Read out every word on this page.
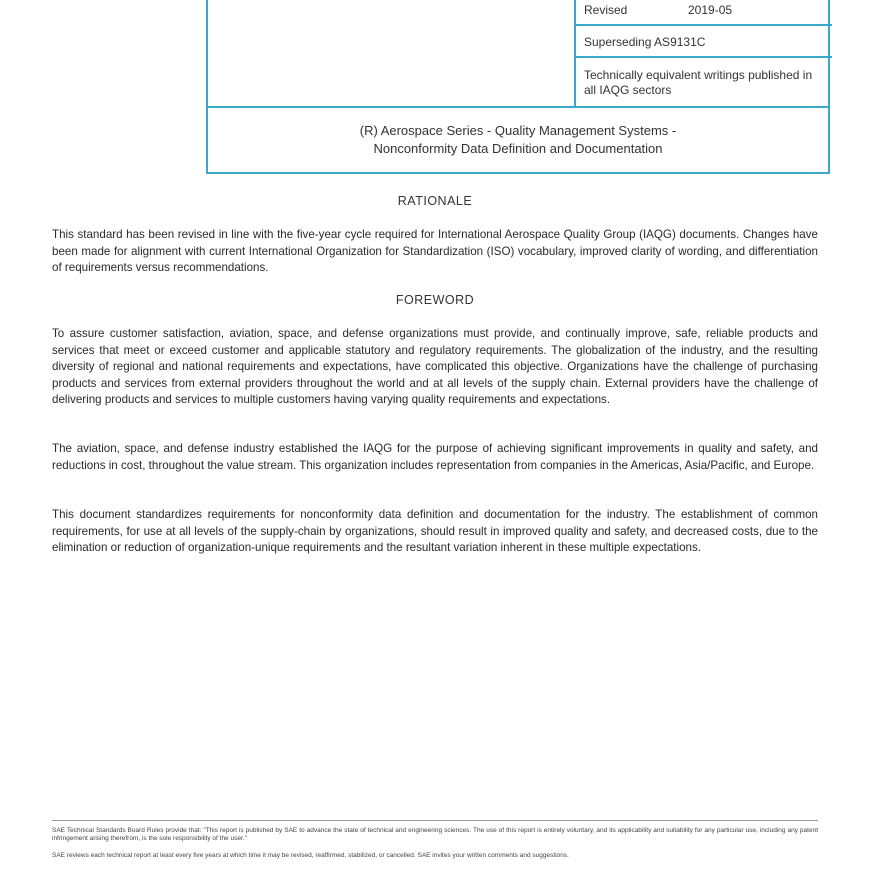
Revised	2019-05
Superseding AS9131C
Technically equivalent writings published in all IAQG sectors
(R) Aerospace Series - Quality Management Systems -
Nonconformity Data Definition and Documentation
RATIONALE
This standard has been revised in line with the five-year cycle required for International Aerospace Quality Group (IAQG) documents. Changes have been made for alignment with current International Organization for Standardization (ISO) vocabulary, improved clarity of wording, and differentiation of requirements versus recommendations.
FOREWORD
To assure customer satisfaction, aviation, space, and defense organizations must provide, and continually improve, safe, reliable products and services that meet or exceed customer and applicable statutory and regulatory requirements. The globalization of the industry, and the resulting diversity of regional and national requirements and expectations, have complicated this objective. Organizations have the challenge of purchasing products and services from external providers throughout the world and at all levels of the supply chain. External providers have the challenge of delivering products and services to multiple customers having varying quality requirements and expectations.
The aviation, space, and defense industry established the IAQG for the purpose of achieving significant improvements in quality and safety, and reductions in cost, throughout the value stream. This organization includes representation from companies in the Americas, Asia/Pacific, and Europe.
This document standardizes requirements for nonconformity data definition and documentation for the industry. The establishment of common requirements, for use at all levels of the supply-chain by organizations, should result in improved quality and safety, and decreased costs, due to the elimination or reduction of organization-unique requirements and the resultant variation inherent in these multiple expectations.
SAE Technical Standards Board Rules provide that: "This report is published by SAE to advance the state of technical and engineering sciences. The use of this report is entirely voluntary, and its applicability and suitability for any particular use, including any patent infringement arising therefrom, is the sole responsibility of the user."
SAE reviews each technical report at least every five years at which time it may be revised, reaffirmed, stabilized, or cancelled. SAE invites your written comments and suggestions.
